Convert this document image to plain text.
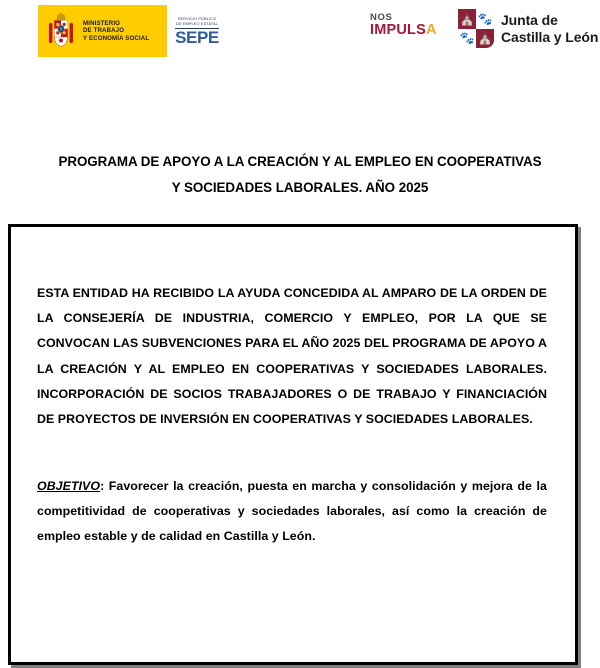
MINISTERIO
DE TRABAJO
Y ECONOMÍA SOCIAL
SERVICIO PÚBLICO
DE EMPLEO ESTATAL
SEPE
NOS
IMPULS A
⛪ 🐾
🐾 ⛪
Junta de
Castilla y León
PROGRAMA DE APOYO A LA CREACIÓN Y AL EMPLEO EN COOPERATIVAS
Y SOCIEDADES LABORALES. AÑO 2025

ESTA ENTIDAD HA RECIBIDO LA AYUDA CONCEDIDA AL AMPARO DE LA ORDEN DE LA CONSEJERÍA DE INDUSTRIA, COMERCIO Y EMPLEO, POR LA QUE SE CONVOCAN LAS SUBVENCIONES PARA EL AÑO 2025 DEL PROGRAMA DE APOYO A LA CREACIÓN Y AL EMPLEO EN COOPERATIVAS Y SOCIEDADES LABORALES. INCORPORACIÓN DE SOCIOS TRABAJADORES O DE TRABAJO Y FINANCIACIÓN DE PROYECTOS DE INVERSIÓN EN COOPERATIVAS Y SOCIEDADES LABORALES.

OBJETIVO: Favorecer la creación, puesta en marcha y consolidación y mejora de la competitividad de cooperativas y sociedades laborales, así como la creación de empleo estable y de calidad en Castilla y León.
